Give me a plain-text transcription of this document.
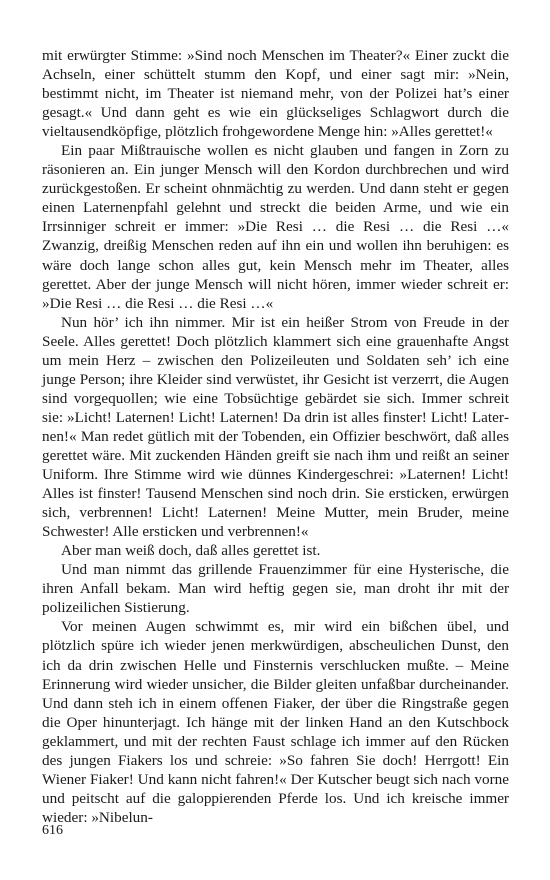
mit erwürgter Stimme: »Sind noch Menschen im Theater?« Einer zuckt die Achseln, einer schüttelt stumm den Kopf, und einer sagt mir: »Nein, bestimmt nicht, im Theater ist niemand mehr, von der Polizei hat’s einer gesagt.« Und dann geht es wie ein glückseliges Schlagwort durch die vieltausendköpfige, plötzlich frohgewordene Menge hin: »Alles gerettet!«

Ein paar Mißtrauische wollen es nicht glauben und fangen in Zorn zu räsonieren an. Ein junger Mensch will den Kordon durchbrechen und wird zurückgestoßen. Er scheint ohnmächtig zu werden. Und dann steht er gegen einen Laternenpfahl gelehnt und streckt die beiden Arme, und wie ein Irrsinniger schreit er immer: »Die Resi … die Resi … die Resi …« Zwanzig, dreißig Menschen reden auf ihn ein und wollen ihn beruhigen: es wäre doch lange schon alles gut, kein Mensch mehr im Theater, alles gerettet. Aber der junge Mensch will nicht hören, immer wieder schreit er: »Die Resi … die Resi … die Resi …«

Nun hör’ ich ihn nimmer. Mir ist ein heißer Strom von Freude in der Seele. Alles gerettet! Doch plötzlich klammert sich eine grauenhafte Angst um mein Herz – zwischen den Polizeileuten und Soldaten seh’ ich eine junge Person; ihre Kleider sind verwüstet, ihr Gesicht ist verzerrt, die Augen sind vorgequollen; wie eine Tobsüchtige gebärdet sie sich. Immer schreit sie: »Licht! Laternen! Licht! Laternen! Da drin ist alles finster! Licht! Laternen!« Man redet gütlich mit der Tobenden, ein Offizier beschwört, daß alles gerettet wäre. Mit zuckenden Händen greift sie nach ihm und reißt an seiner Uniform. Ihre Stimme wird wie dünnes Kindergeschrei: »Laternen! Licht! Alles ist finster! Tausend Menschen sind noch drin. Sie ersticken, erwürgen sich, verbrennen! Licht! Laternen! Meine Mutter, mein Bruder, meine Schwester! Alle ersticken und verbrennen!«

Aber man weiß doch, daß alles gerettet ist.

Und man nimmt das grillende Frauenzimmer für eine Hysterische, die ihren Anfall bekam. Man wird heftig gegen sie, man droht ihr mit der polizeilichen Sistierung.

Vor meinen Augen schwimmt es, mir wird ein bißchen übel, und plötzlich spüre ich wieder jenen merkwürdigen, abscheulichen Dunst, den ich da drin zwischen Helle und Finsternis verschlucken mußte. – Meine Erinnerung wird wieder unsicher, die Bilder gleiten unfaßbar durcheinander. Und dann steh ich in einem offenen Fiaker, der über die Ringstraße gegen die Oper hinunterjagt. Ich hänge mit der linken Hand an den Kutschbock geklammert, und mit der rechten Faust schlage ich immer auf den Rücken des jungen Fiakers los und schreie: »So fahren Sie doch! Herrgott! Ein Wiener Fiaker! Und kann nicht fahren!« Der Kutscher beugt sich nach vorne und peitscht auf die galoppierenden Pferde los. Und ich kreische immer wieder: »Nibelun-

616
